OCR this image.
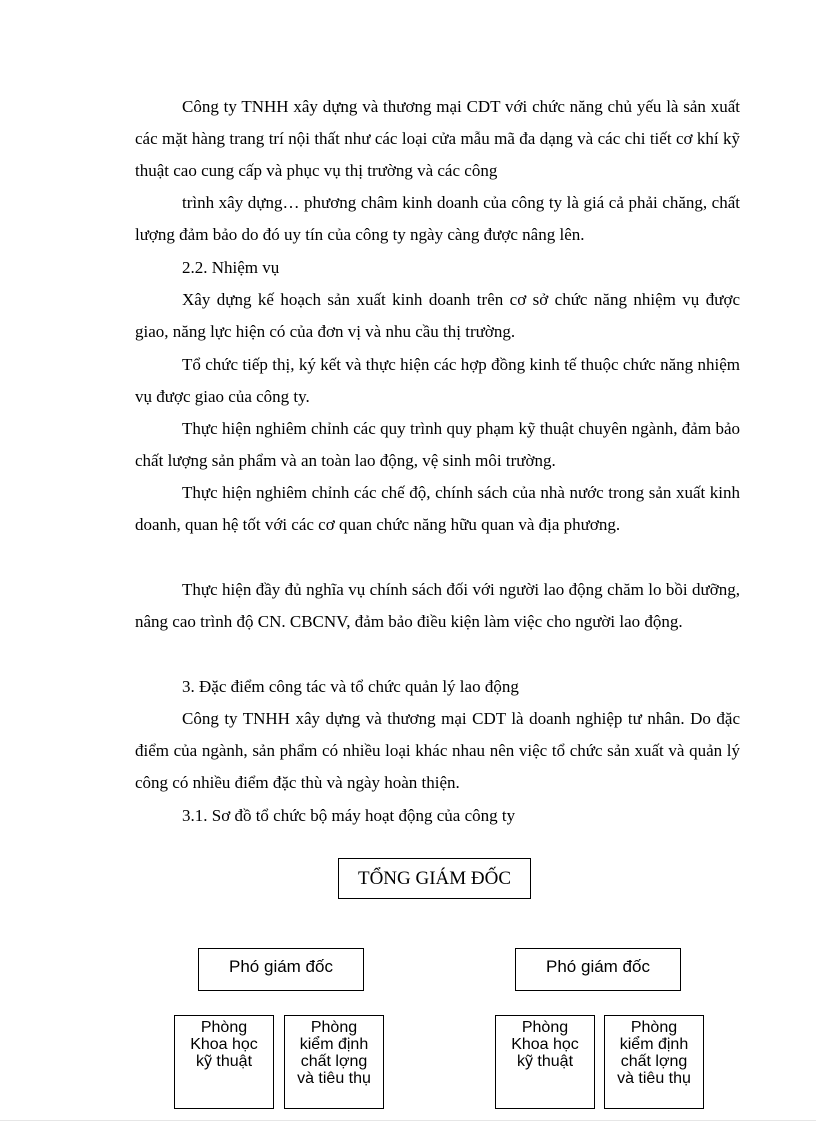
Công ty TNHH xây dựng và thương mại CDT với chức năng chủ yếu là sản xuất các mặt hàng trang trí nội thất như các loại cửa mẫu mã đa dạng và các chi tiết cơ khí kỹ thuật cao cung cấp và phục vụ thị trường và các công

trình xây dựng… phương châm kinh doanh của công ty là giá cả phải chăng, chất lượng đảm bảo do đó uy tín của công ty ngày càng được nâng lên.

2.2. Nhiệm vụ

Xây dựng kế hoạch sản xuất kinh doanh trên cơ sở chức năng nhiệm vụ được giao, năng lực hiện có của đơn vị và nhu cầu thị trường.

Tổ chức tiếp thị, ký kết và thực hiện các hợp đồng kinh tế thuộc chức năng nhiệm vụ được giao của công ty.

Thực hiện nghiêm chỉnh các quy trình quy phạm kỹ thuật chuyên ngành, đảm bảo chất lượng sản phẩm và an toàn lao động, vệ sinh môi trường.

Thực hiện nghiêm chỉnh các chế độ, chính sách của nhà nước trong sản xuất kinh doanh, quan hệ tốt với các cơ quan chức năng hữu quan và địa phương.

Thực hiện đầy đủ nghĩa vụ chính sách đối với người lao động chăm lo bồi dưỡng, nâng cao trình độ CN. CBCNV, đảm bảo điều kiện làm việc cho người lao động.

3. Đặc điểm công tác và tổ chức quản lý lao động

Công ty TNHH xây dựng và thương mại CDT là doanh nghiệp tư nhân. Do đặc điểm của ngành, sản phẩm có nhiều loại khác nhau nên việc tổ chức sản xuất và quản lý công có nhiều điểm đặc thù và ngày hoàn thiện.

3.1. Sơ đồ tổ chức bộ máy hoạt động của công ty

TỔNG GIÁM ĐỐC
Phó giám đốc	Phó giám đốc
Phòng
Khoa học
kỹ thuật
Phòng
kiểm định
chất lợng
và tiêu thụ
Phòng
Khoa học
kỹ thuật
Phòng
kiểm định
chất lợng
và tiêu thụ
